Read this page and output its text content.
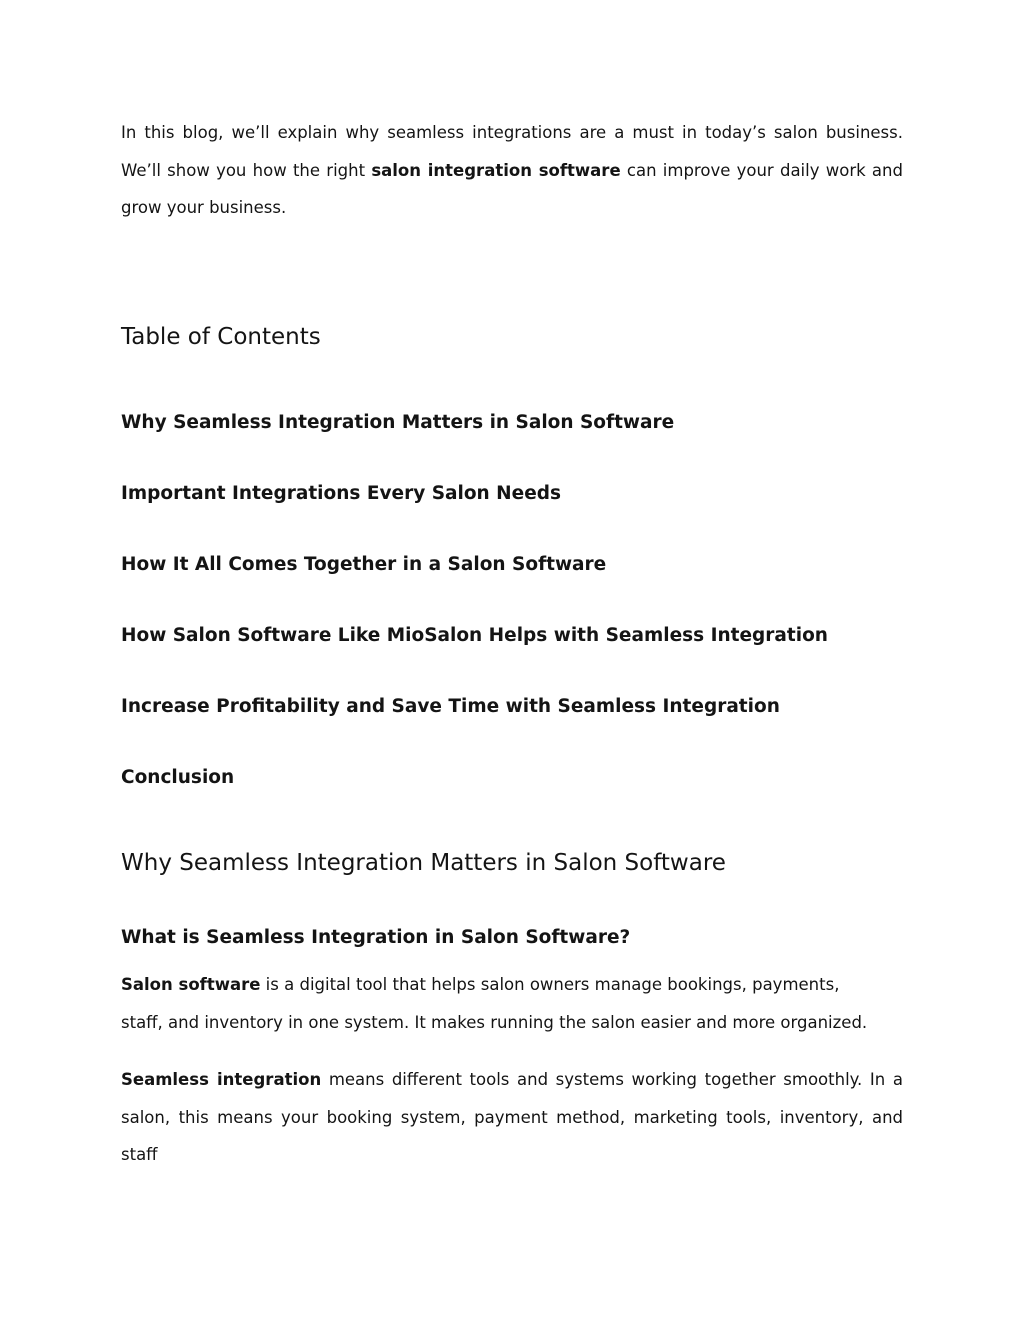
In this blog, we’ll explain why seamless integrations are a must in today’s salon business. We’ll show you how the right salon integration software can improve your daily work and grow your business.

Table of Contents

Why Seamless Integration Matters in Salon Software

Important Integrations Every Salon Needs

How It All Comes Together in a Salon Software

How Salon Software Like MioSalon Helps with Seamless Integration

Increase Profitability and Save Time with Seamless Integration

Conclusion

Why Seamless Integration Matters in Salon Software
What is Seamless Integration in Salon Software?

Salon software is a digital tool that helps salon owners manage bookings, payments, staff, and inventory in one system. It makes running the salon easier and more organized.

Seamless integration means different tools and systems working together smoothly. In a salon, this means your booking system, payment method, marketing tools, inventory, and staff
